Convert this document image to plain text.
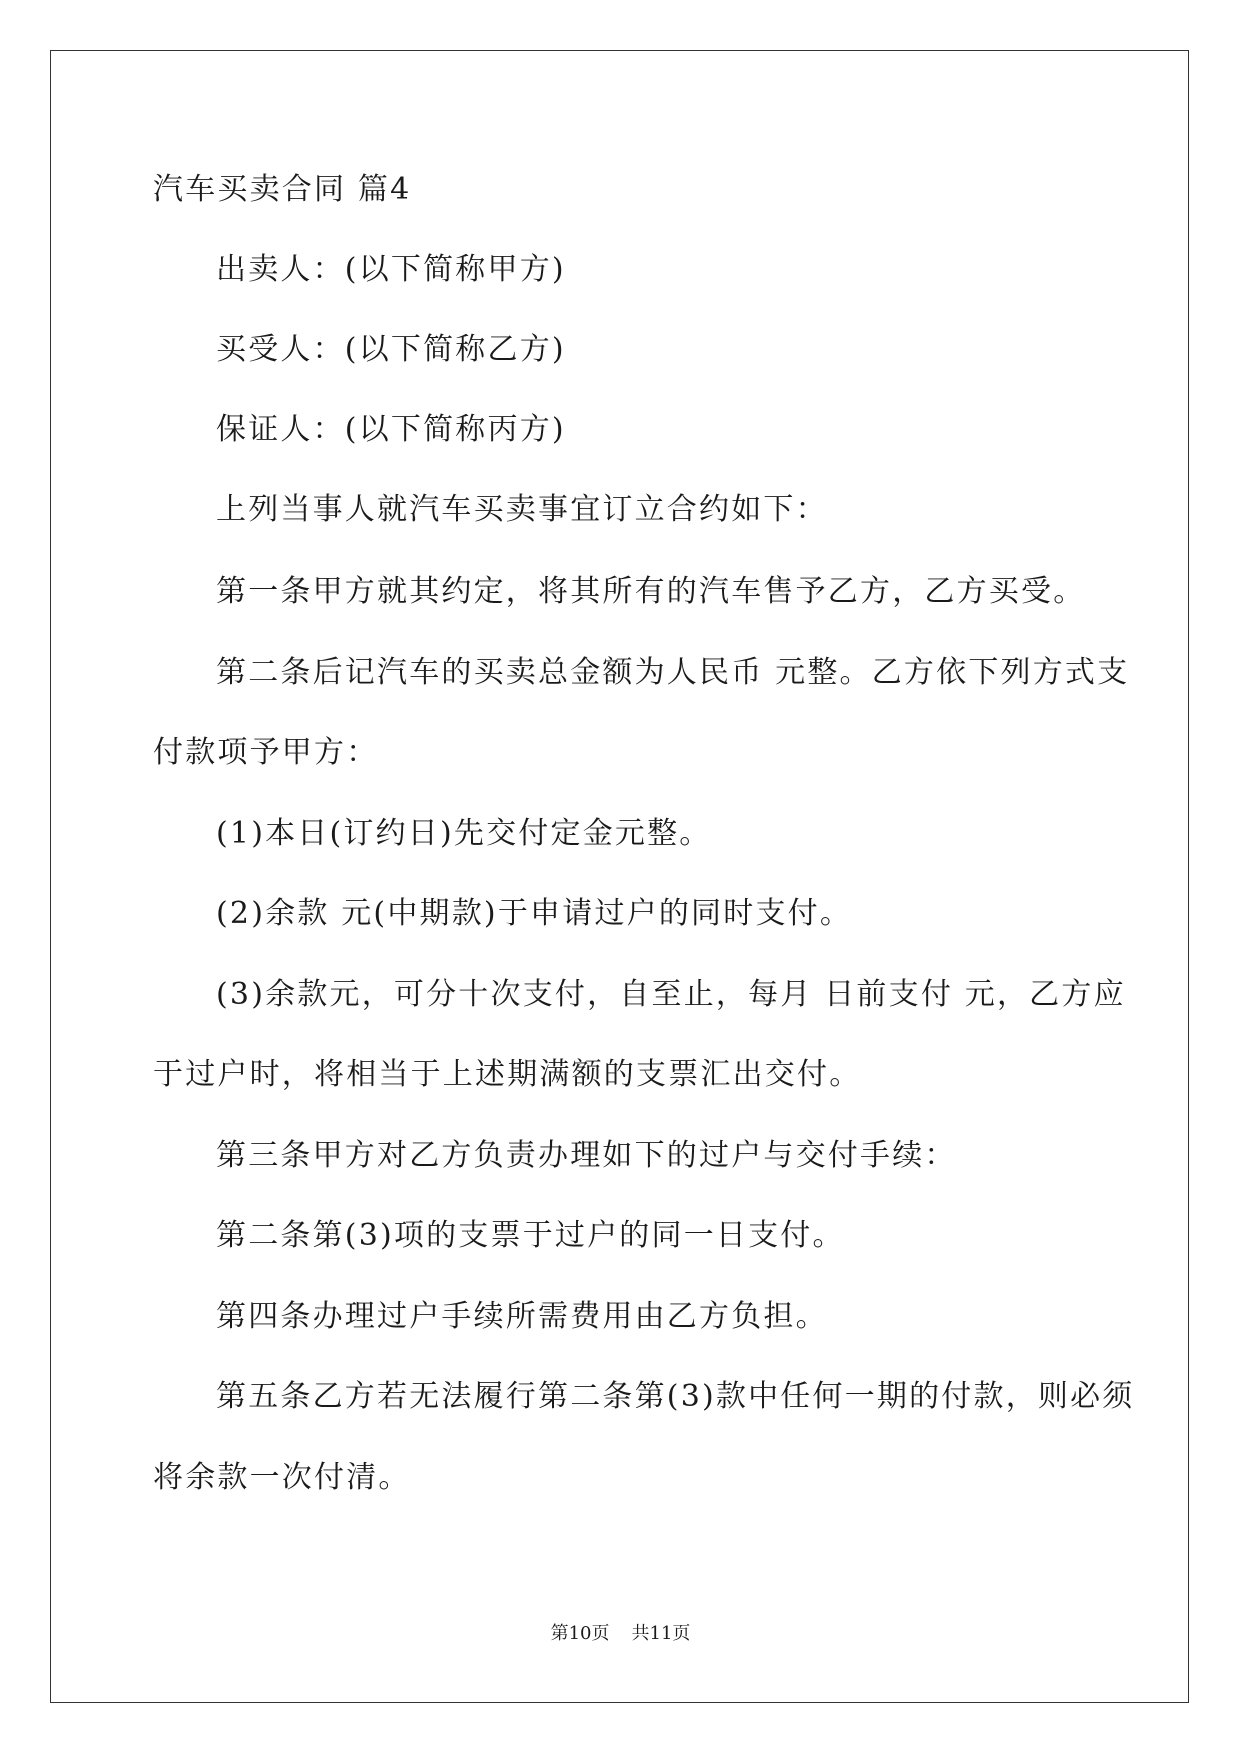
汽车买卖合同 篇4
出卖人：(以下简称甲方)
买受人：(以下简称乙方)
保证人：(以下简称丙方)
上列当事人就汽车买卖事宜订立合约如下：
第一条甲方就其约定，将其所有的汽车售予乙方，乙方买受。
第二条后记汽车的买卖总金额为人民币 元整。乙方依下列方式支
付款项予甲方：
(1)本日(订约日)先交付定金元整。
(2)余款 元(中期款)于申请过户的同时支付。
(3)余款元，可分十次支付，自至止，每月 日前支付 元，乙方应
于过户时，将相当于上述期满额的支票汇出交付。
第三条甲方对乙方负责办理如下的过户与交付手续：
第二条第(3)项的支票于过户的同一日支付。
第四条办理过户手续所需费用由乙方负担。
第五条乙方若无法履行第二条第(3)款中任何一期的付款，则必须
将余款一次付清。
第10页 共11页
